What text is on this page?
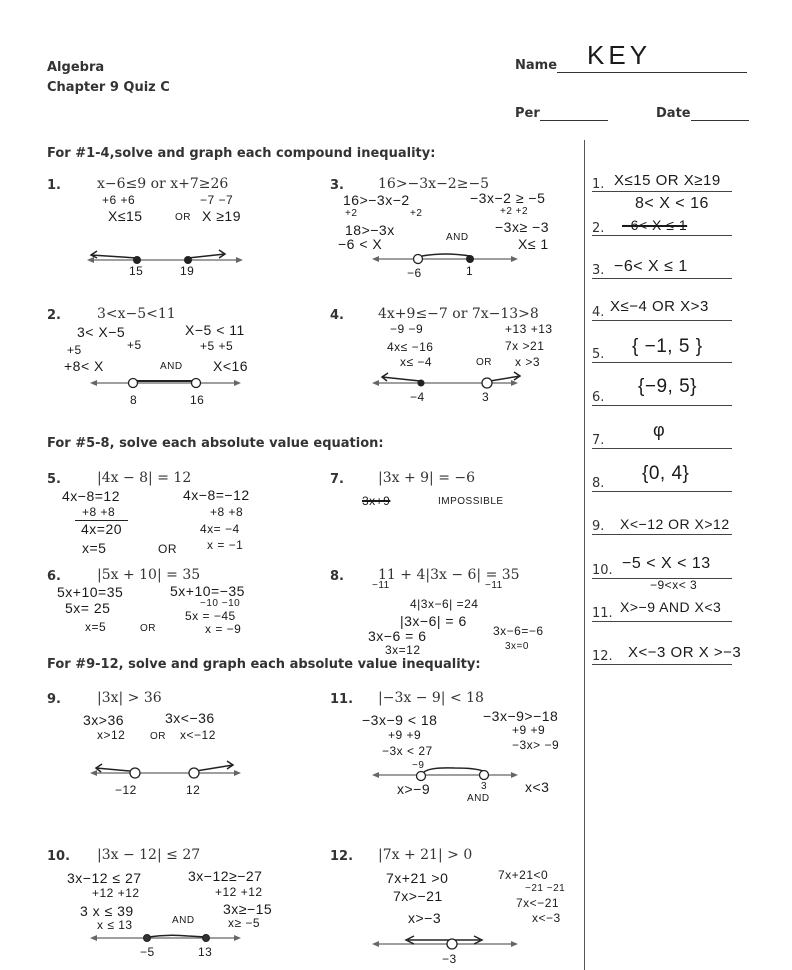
Algebra
Chapter 9 Quiz C
Name KEY
Per	Date
For #1-4,solve and graph each compound inequality:
For #5-8, solve each absolute value equation:
For #9-12, solve and graph each absolute value inequality:
1.	x−6≤9 or x+7≥26
+6 +6	−7 −7
X≤15	OR X ≥19
15	19
3. 16>−3x−2≥−5
16>−3x−2	−3x−2 ≥ −5
+2	+2	+2 +2
18>−3x	−3x≥ −3
−6 < X	AND	X≤ 1
−6	1
2.	3<x−5<11
3< X−5	X−5 < 11
+5	+5	+5 +5
+8< X	AND X<16
8	16
4. 4x+9≤−7 or 7x−13>8
−9 −9	+13 +13
4x≤ −16	7x >21
x≤ −4	OR x >3
−4	3
5.	|4x − 8| = 12
4x−8=12
+8 +8
4x=20
x=5	OR
4x−8=−12
+8 +8
4x= −4
x = −1
7. |3x + 9| = −6
3x+9	IMPOSSIBLE
6.	|5x + 10| = 35
5x+10=35
5x= 25
x=5	OR
5x+10=−35
−10 −10
5x = −45
x = −9
8. 11 + 4|3x − 6| = 35
−11	−11
4|3x−6| =24
|3x−6| = 6
3x−6 = 6
3x=12
3x−6=−6
3x=0
9.	|3x| > 36
3x>36	3x<−36
x>12 OR x<−12
−12	12
11. |−3x − 9| < 18
−3x−9 < 18	−3x−9>−18
+9 +9	+9 +9
−3x < 27	−3x> −9
−9
x>−9	3
AND
x<3
10. |3x − 12| ≤ 27
3x−12 ≤ 27	3x−12≥−27
+12 +12	+12 +12
3 x ≤ 39	3x≥−15
x ≤ 13	AND	x≥ −5
−5	13
12. |7x + 21| > 0
7x+21 >0
7x>−21
x>−3
7x+21<0
−21 −21
7x<−21
x<−3
−3
1. X≤15 OR X≥19
8< X < 16
2. −6< X ≤ 1
3. −6< X ≤ 1
4. X≤−4 OR X>3
5. { −1, 5 }
6.
{−9, 5}
7.
φ
8. {0, 4}
9. X<−12 OR X>12
10. −5 < X < 13
−9<x< 3
11. X>−9 AND X<3
12. X<−3 OR X >−3
